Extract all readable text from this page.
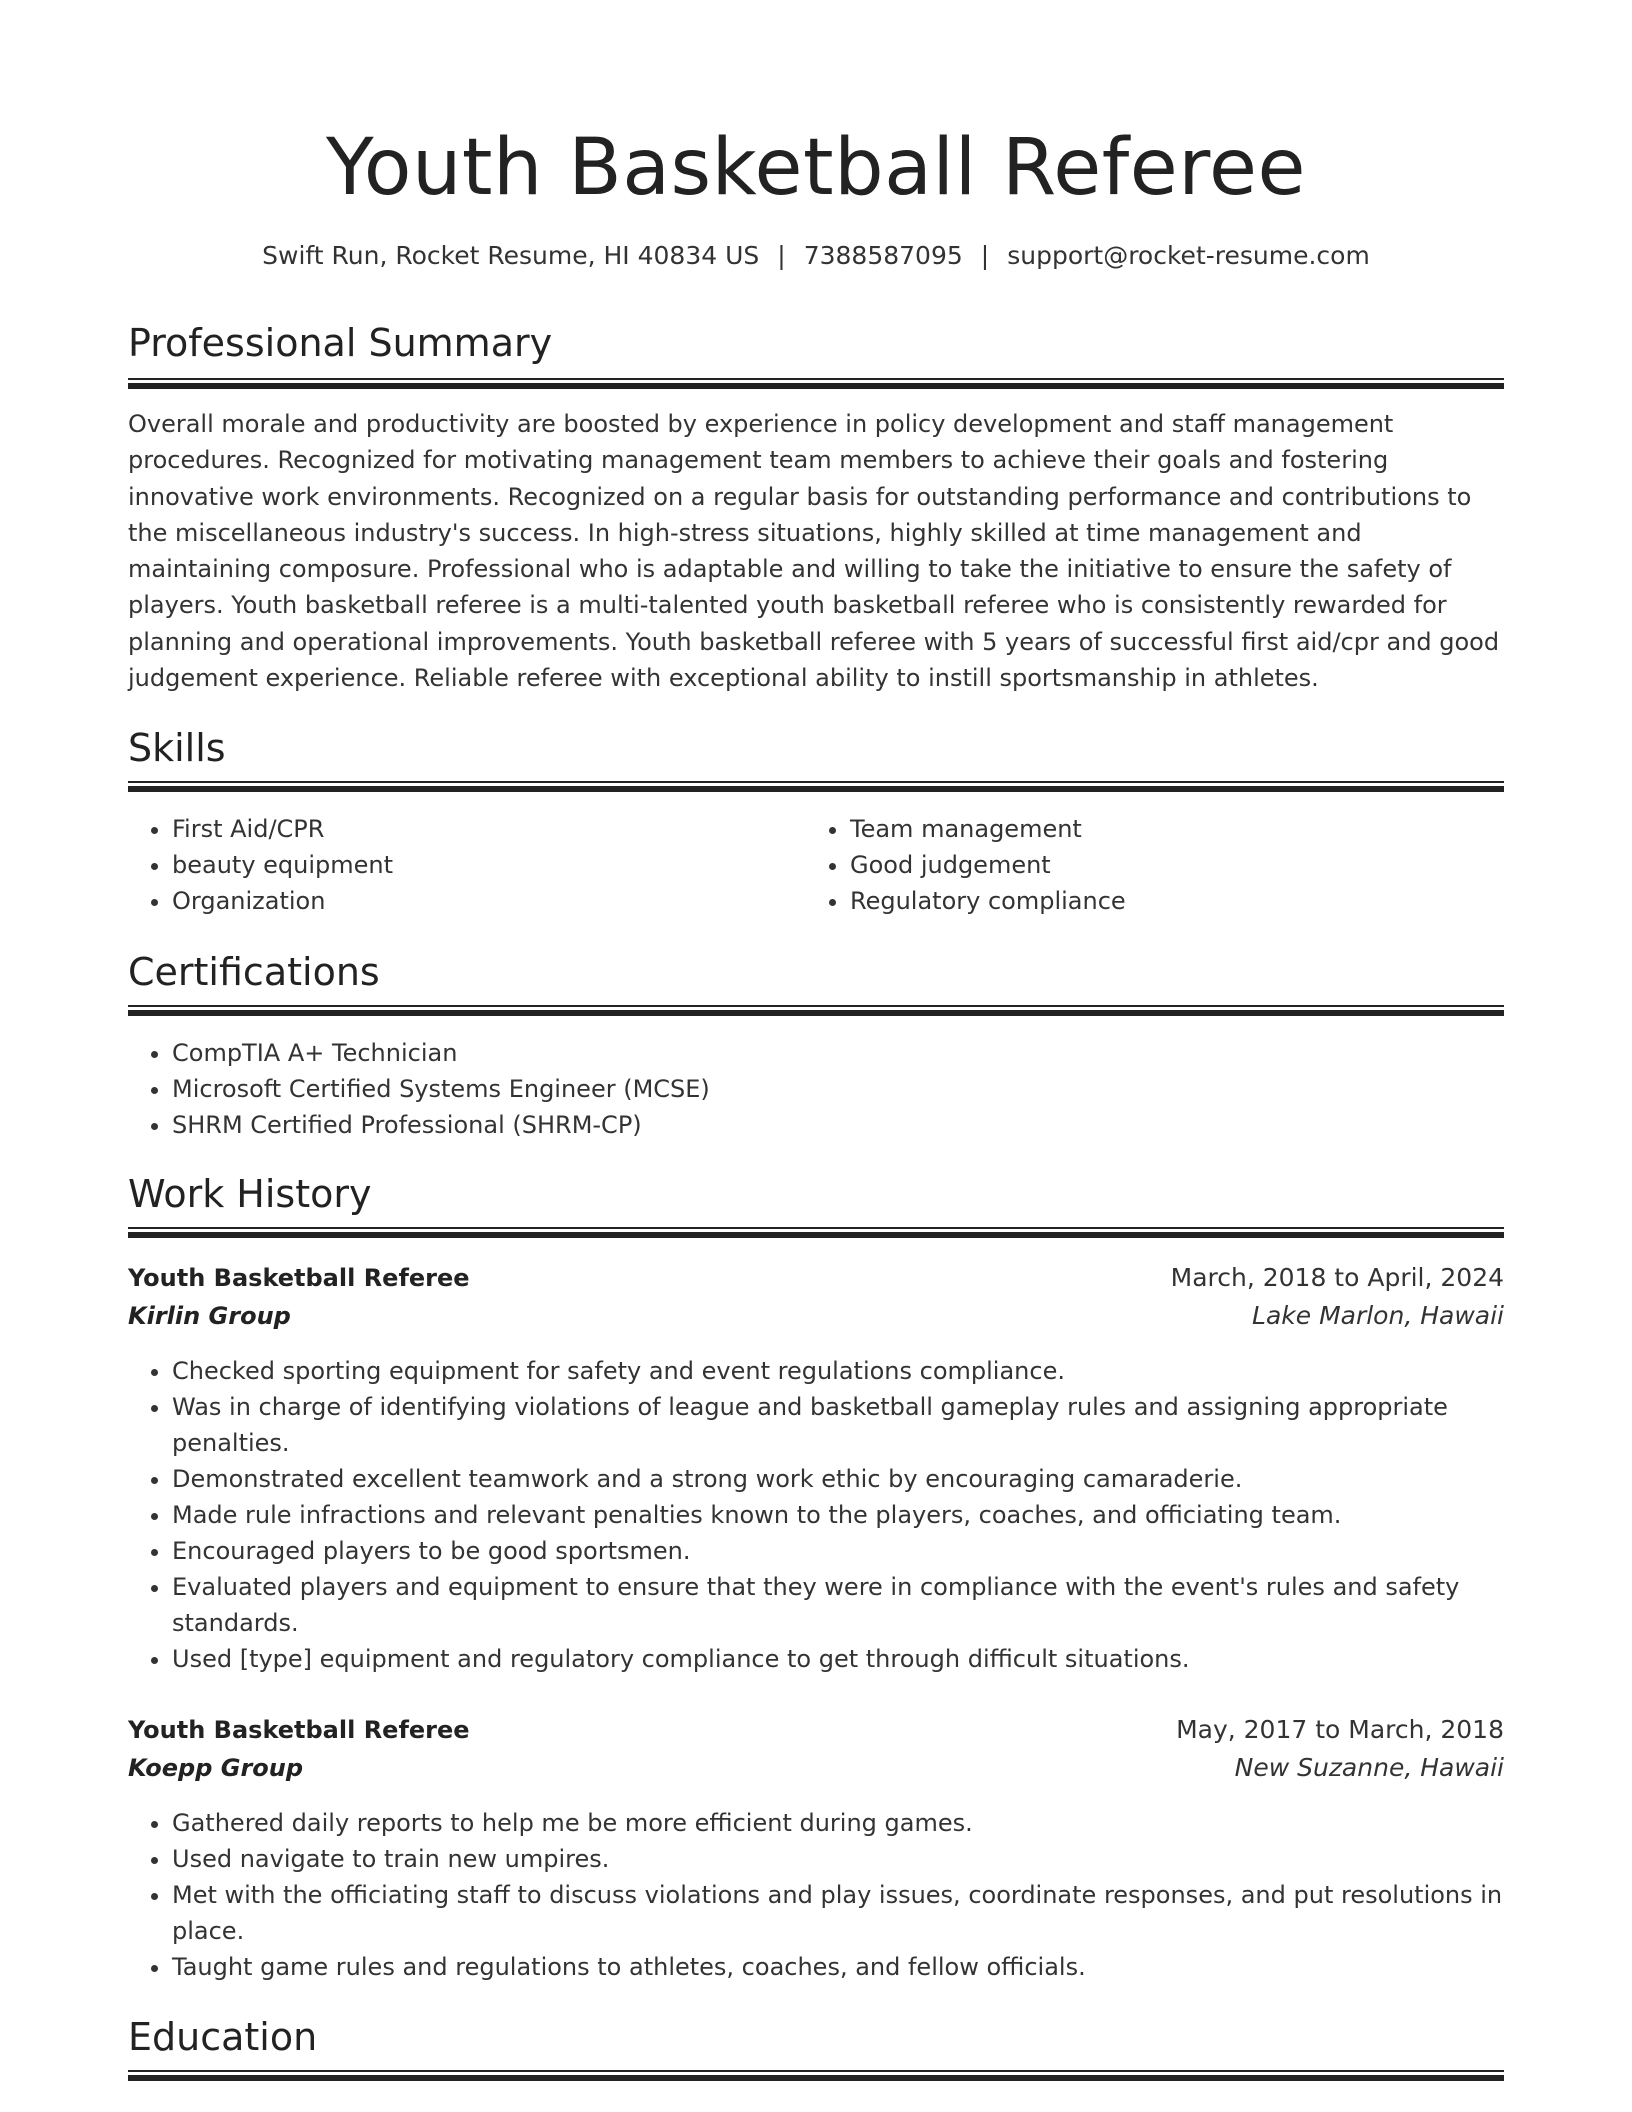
Youth Basketball Referee
Swift Run, Rocket Resume, HI 40834 US | 7388587095 | support@rocket-resume.com
Professional Summary

Overall morale and productivity are boosted by experience in policy development and staff management procedures. Recognized for motivating management team members to achieve their goals and fostering innovative work environments. Recognized on a regular basis for outstanding performance and contributions to the miscellaneous industry's success. In high-stress situations, highly skilled at time management and maintaining composure. Professional who is adaptable and willing to take the initiative to ensure the safety of players. Youth basketball referee is a multi-talented youth basketball referee who is consistently rewarded for planning and operational improvements. Youth basketball referee with 5 years of successful first aid/cpr and good judgement experience. Reliable referee with exceptional ability to instill sportsmanship in athletes.

Skills
• First Aid/CPR
• beauty equipment
• Organization
• Team management
• Good judgement
• Regulatory compliance
Certifications
• CompTIA A+ Technician
• Microsoft Certified Systems Engineer (MCSE)
• SHRM Certified Professional (SHRM-CP)
Work History
Youth Basketball Referee	March, 2018 to April, 2024
Kirlin Group	Lake Marlon, Hawaii
• Checked sporting equipment for safety and event regulations compliance.
• Was in charge of identifying violations of league and basketball gameplay rules and assigning appropriate penalties.
• Demonstrated excellent teamwork and a strong work ethic by encouraging camaraderie.
• Made rule infractions and relevant penalties known to the players, coaches, and officiating team.
• Encouraged players to be good sportsmen.
• Evaluated players and equipment to ensure that they were in compliance with the event's rules and safety standards.
• Used [type] equipment and regulatory compliance to get through difficult situations.
Youth Basketball Referee	May, 2017 to March, 2018
Koepp Group	New Suzanne, Hawaii
• Gathered daily reports to help me be more efficient during games.
• Used navigate to train new umpires.
• Met with the officiating staff to discuss violations and play issues, coordinate responses, and put resolutions in place.
• Taught game rules and regulations to athletes, coaches, and fellow officials.
Education
